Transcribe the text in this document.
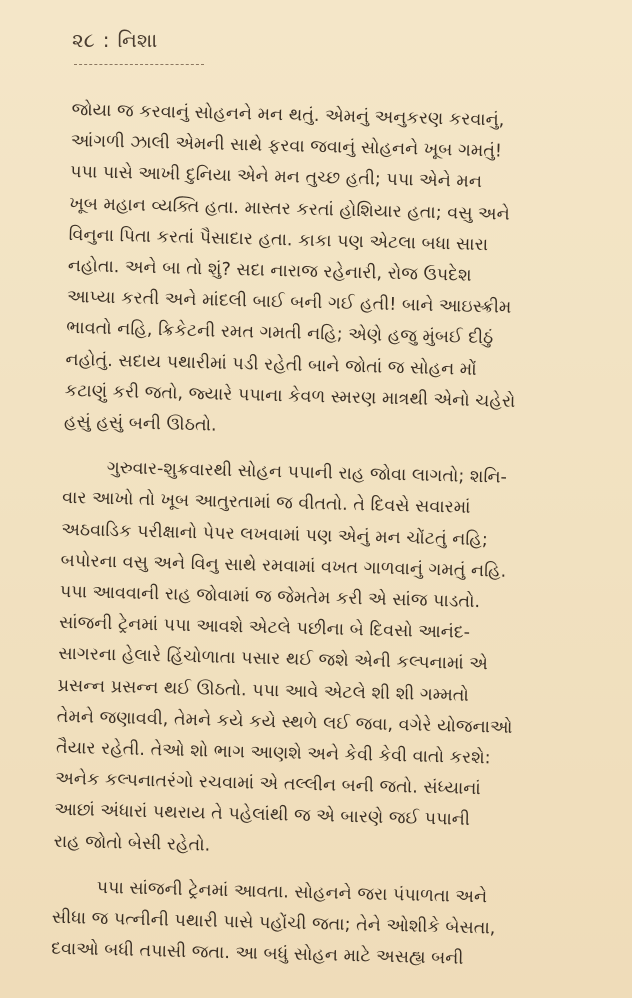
૨૮ : નિશા

જોયા જ કરવાનું સોહનને મન થતું. એમનું અનુકરણ કરવાનું,
આંગળી ઝાલી એમની સાથે ફરવા જવાનું સોહનને ખૂબ ગમતું!
પપા પાસે આખી દુનિયા એને મન તુચ્છ હતી; પપા એને મન
ખૂબ મહાન વ્યક્તિ હતા. માસ્તર કરતાં હોશિયાર હતા; વસુ અને
વિનુના પિતા કરતાં પૈસાદાર હતા. કાકા પણ એટલા બધા સારા
નહોતા. અને બા તો શું? સદા નારાજ રહેનારી, રોજ ઉપદેશ
આપ્યા કરતી અને માંદલી બાઈ બની ગઈ હતી! બાને આઇસ્ક્રીમ
ભાવતો નહિ, ક્રિકેટની રમત ગમતી નહિ; એણે હજુ મુંબઈ દીઠું
નહોતું. સદાય પથારીમાં પડી રહેતી બાને જોતાં જ સોહન મોં
કટાણું કરી જતો, જ્યારે પપાના કેવળ સ્મરણ માત્રથી એનો ચહેરો
હસું હસું બની ઊઠતો.

ગુરુવાર-શુક્રવારથી સોહન પપાની રાહ જોવા લાગતો; શનિ-
વાર આખો તો ખૂબ આતુરતામાં જ વીતતો. તે દિવસે સવારમાં
અઠવાડિક પરીક્ષાનો પેપર લખવામાં પણ એનું મન ચોંટતું નહિ;
બપોરના વસુ અને વિનુ સાથે રમવામાં વખત ગાળવાનું ગમતું નહિ.
પપા આવવાની રાહ જોવામાં જ જેમતેમ કરી એ સાંજ પાડતો.
સાંજની ટ્રેનમાં પપા આવશે એટલે પછીના બે દિવસો આનંદ-
સાગરના હેલારે હિંચોળાતા પસાર થઈ જશે એની કલ્પનામાં એ
પ્રસન્ન પ્રસન્ન થઈ ઊઠતો. પપા આવે એટલે શી શી ગમ્મતો
તેમને જણાવવી, તેમને કયે કયે સ્થળે લઈ જવા, વગેરે યોજનાઓ
તૈયાર રહેતી. તેઓ શો ભાગ આણશે અને કેવી કેવી વાતો કરશે:
અનેક કલ્પનાતરંગો રચવામાં એ તલ્લીન બની જતો. સંધ્યાનાં
આછાં અંધારાં પથરાય તે પહેલાંથી જ એ બારણે જઈ પપાની
રાહ જોતો બેસી રહેતો.

પપા સાંજની ટ્રેનમાં આવતા. સોહનને જરા પંપાળતા અને
સીધા જ પત્નીની પથારી પાસે પહોંચી જતા; તેને ઓશીકે બેસતા,
દવાઓ બધી તપાસી જતા. આ બધું સોહન માટે અસહ્ય બની
